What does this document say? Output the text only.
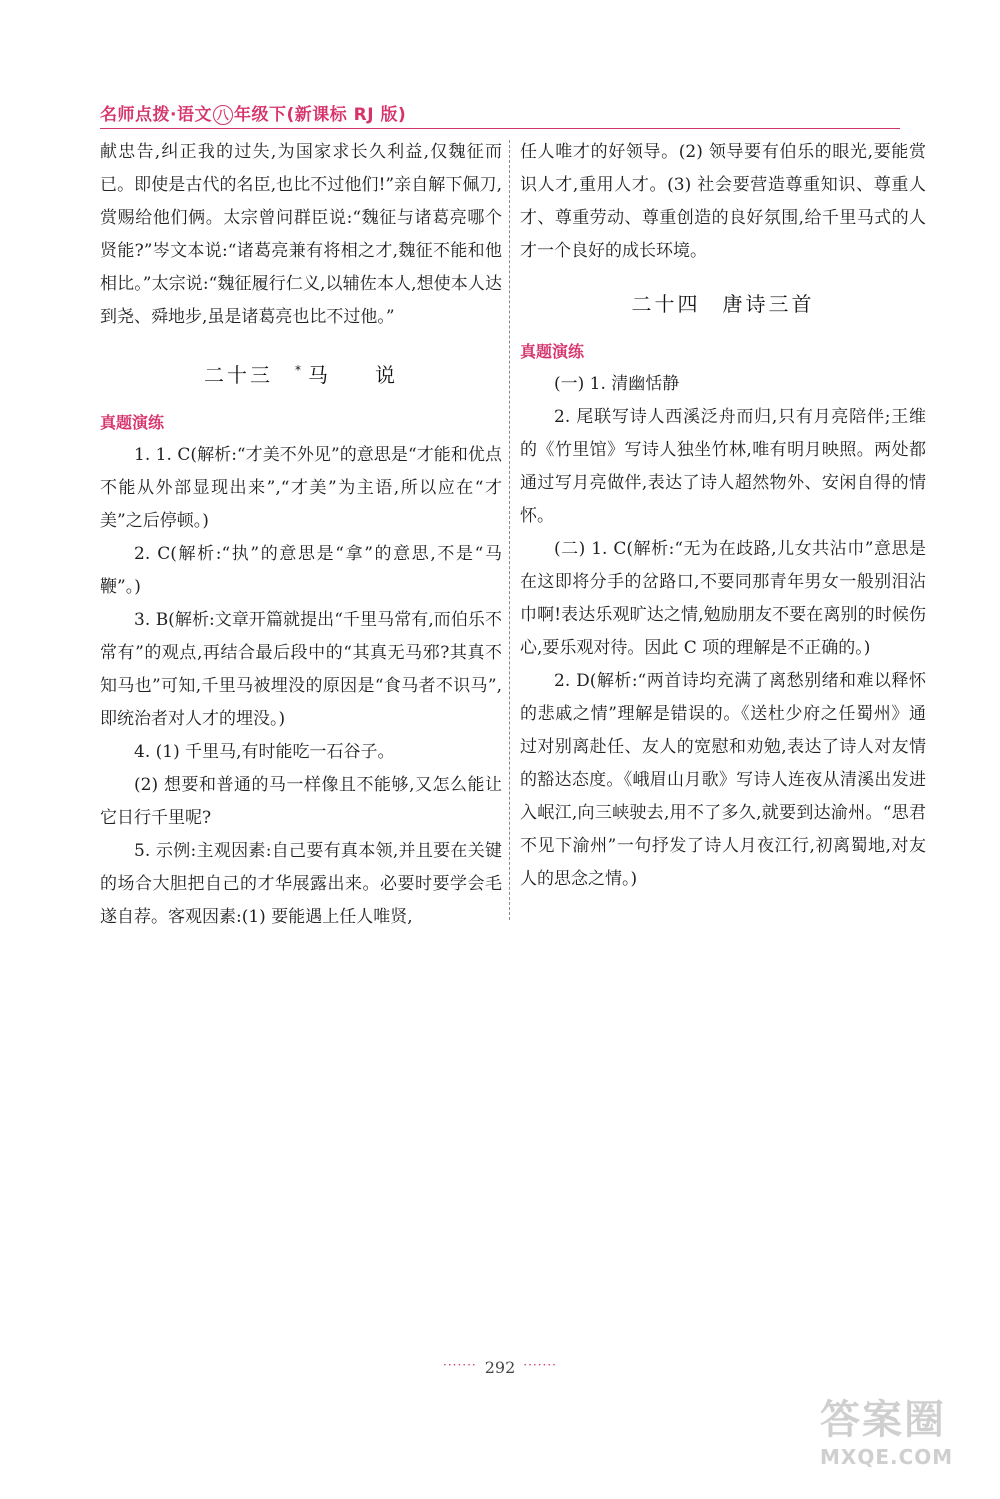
名师点拨·语文 八 年级下(新课标 RJ 版)

献忠告,纠正我的过失,为国家求长久利益,仅魏征而已。即使是古代的名臣,也比不过他们!”亲自解下佩刀,赏赐给他们俩。太宗曾问群臣说:“魏征与诸葛亮哪个贤能?”岑文本说:“诸葛亮兼有将相之才,魏征不能和他相比。”太宗说:“魏征履行仁义,以辅佐本人,想使本人达到尧、舜地步,虽是诸葛亮也比不过他。”

二十三 * 马 说

真题演练

1. 1. C(解析:“才美不外见”的意思是“才能和优点不能从外部显现出来”,“才美”为主语,所以应在“才美”之后停顿。)

2. C(解析:“执”的意思是“拿”的意思,不是“马鞭”。)

3. B(解析:文章开篇就提出“千里马常有,而伯乐不常有”的观点,再结合最后段中的“其真无马邪?其真不知马也”可知,千里马被埋没的原因是“食马者不识马”,即统治者对人才的埋没。)

4. (1) 千里马,有时能吃一石谷子。

(2) 想要和普通的马一样像且不能够,又怎么能让它日行千里呢?

5. 示例:主观因素:自己要有真本领,并且要在关键的场合大胆把自己的才华展露出来。必要时要学会毛遂自荐。客观因素:(1) 要能遇上任人唯贤,

任人唯才的好领导。(2) 领导要有伯乐的眼光,要能赏识人才,重用人才。(3) 社会要营造尊重知识、尊重人才、尊重劳动、尊重创造的良好氛围,给千里马式的人才一个良好的成长环境。

二十四 唐诗三首

真题演练

(一) 1. 清幽恬静

2. 尾联写诗人西溪泛舟而归,只有月亮陪伴;王维的《竹里馆》写诗人独坐竹林,唯有明月映照。两处都通过写月亮做伴,表达了诗人超然物外、安闲自得的情怀。

(二) 1. C(解析:“无为在歧路,儿女共沾巾”意思是在这即将分手的岔路口,不要同那青年男女一般别泪沾巾啊!表达乐观旷达之情,勉励朋友不要在离别的时候伤心,要乐观对待。因此 C 项的理解是不正确的。)

2. D(解析:“两首诗均充满了离愁别绪和难以释怀的悲戚之情”理解是错误的。《送杜少府之任蜀州》通过对别离赴任、友人的宽慰和劝勉,表达了诗人对友情的豁达态度。《峨眉山月歌》写诗人连夜从清溪出发进入岷江,向三峡驶去,用不了多久,就要到达渝州。“思君不见下渝州”一句抒发了诗人月夜江行,初离蜀地,对友人的思念之情。)

······· 292 ·······
答案圈
MXQE.COM
